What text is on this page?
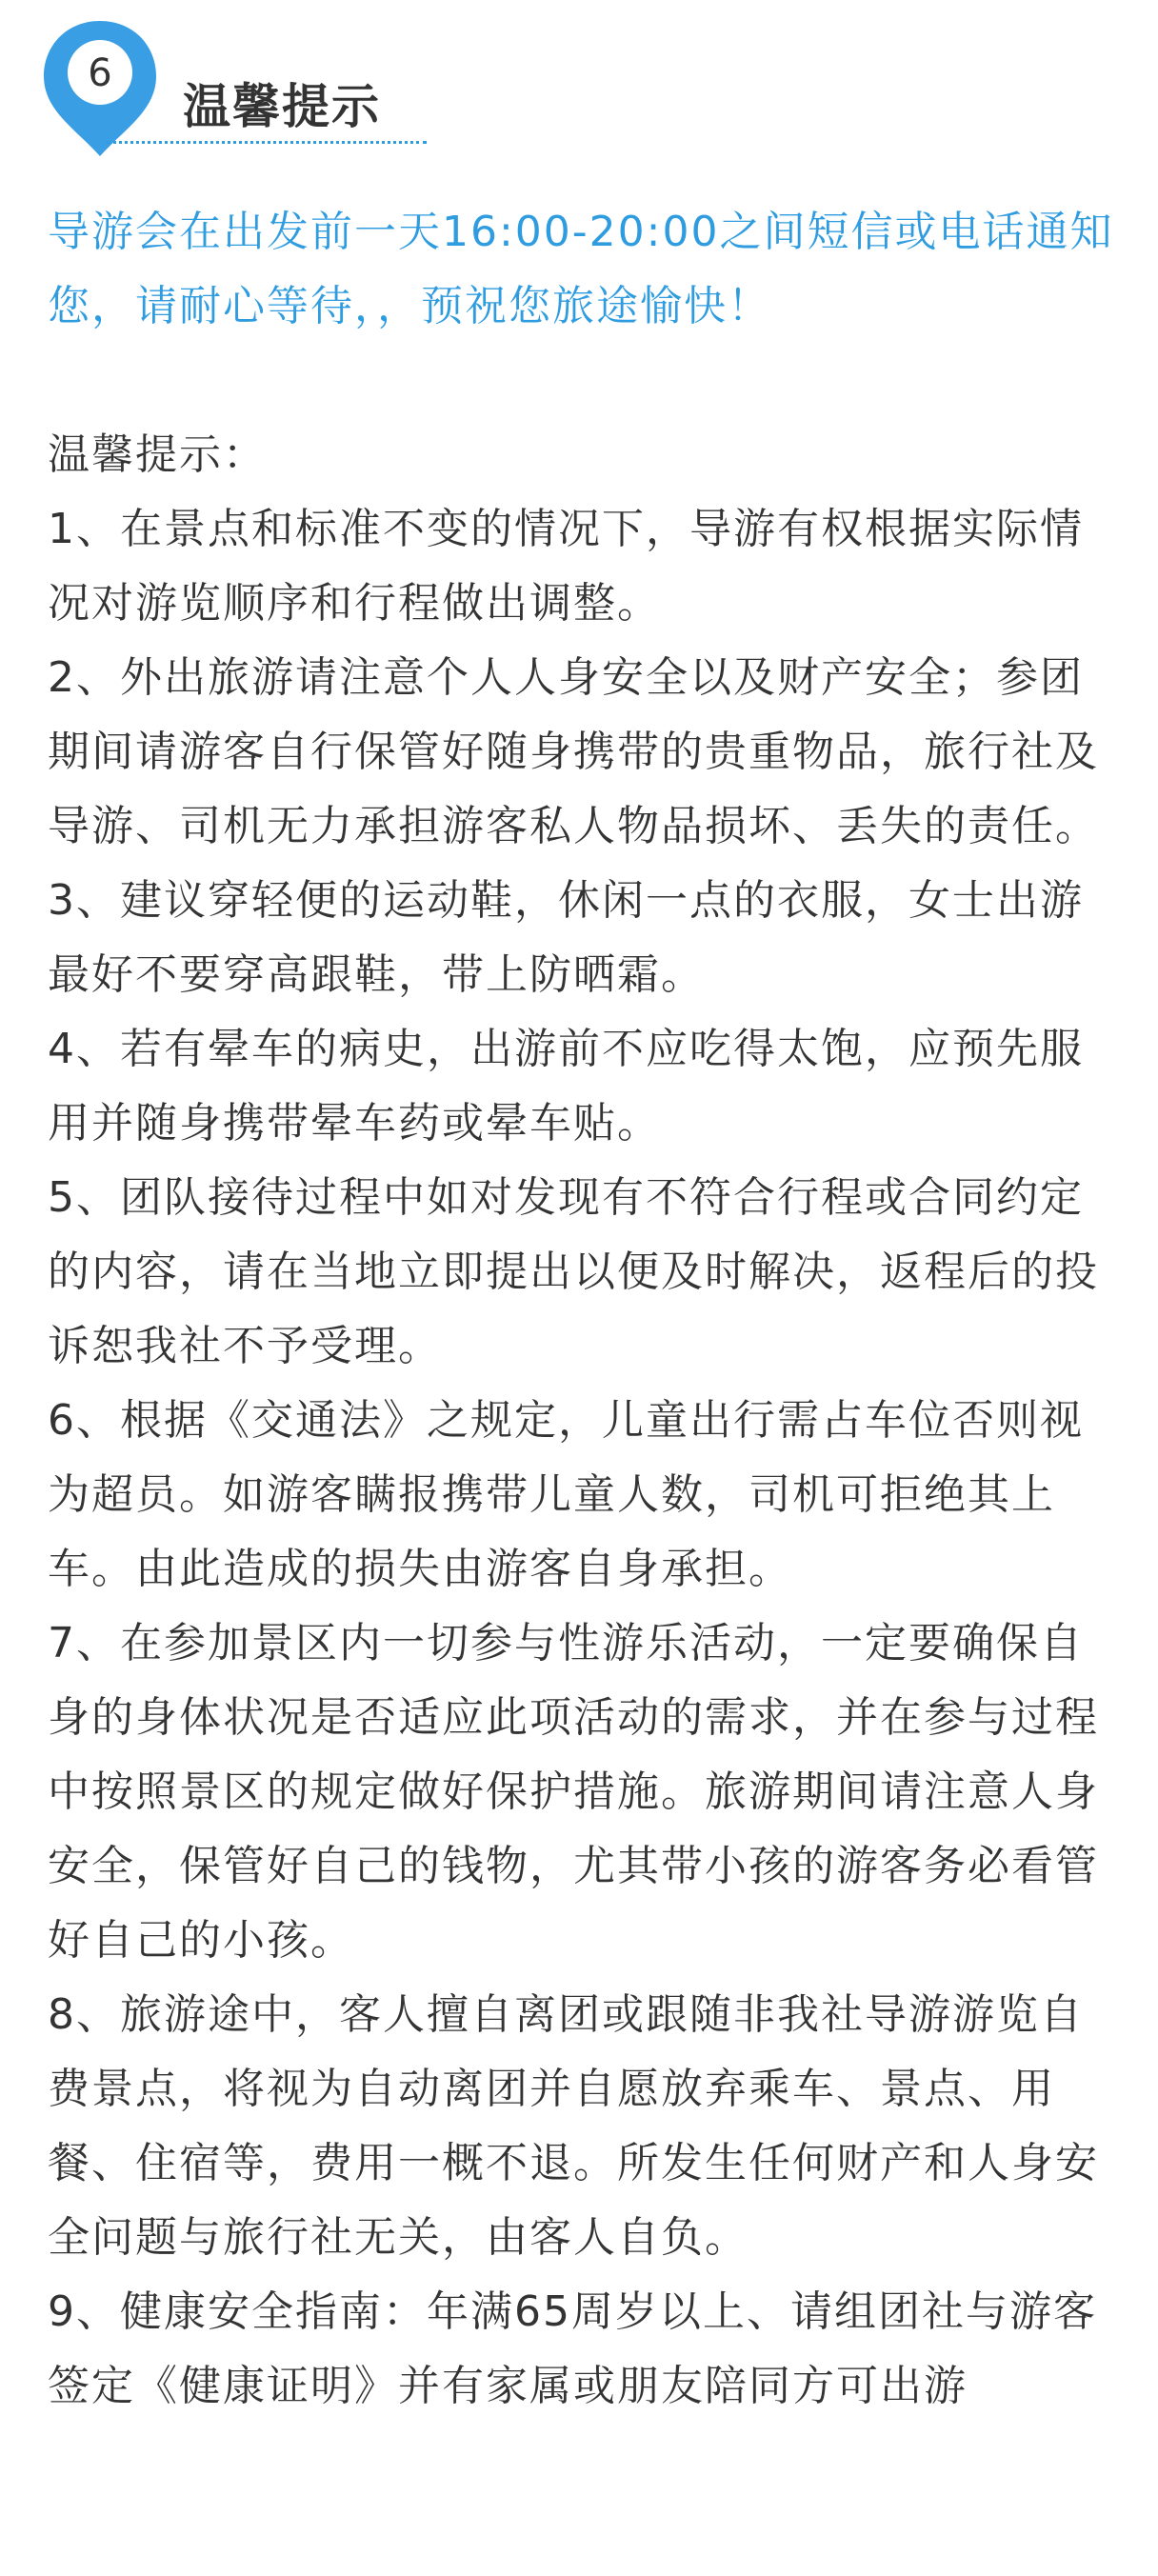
6
温馨提示

导游会在出发前一天16:00-20:00之间短信或电话通知您，请耐心等待，，预祝您旅途愉快！

温馨提示：

1、在景点和标准不变的情况下，导游有权根据实际情况对游览顺序和行程做出调整。

2、外出旅游请注意个人人身安全以及财产安全；参团期间请游客自行保管好随身携带的贵重物品，旅行社及导游、司机无力承担游客私人物品损坏、丢失的责任。

3、建议穿轻便的运动鞋，休闲一点的衣服，女士出游最好不要穿高跟鞋，带上防晒霜。

4、若有晕车的病史，出游前不应吃得太饱，应预先服用并随身携带晕车药或晕车贴。

5、团队接待过程中如对发现有不符合行程或合同约定的内容，请在当地立即提出以便及时解决，返程后的投诉恕我社不予受理。

6、根据《交通法》之规定，儿童出行需占车位否则视为超员。如游客瞒报携带儿童人数，司机可拒绝其上车。由此造成的损失由游客自身承担。

7、在参加景区内一切参与性游乐活动，一定要确保自身的身体状况是否适应此项活动的需求，并在参与过程中按照景区的规定做好保护措施。旅游期间请注意人身安全，保管好自己的钱物，尤其带小孩的游客务必看管好自己的小孩。

8、旅游途中，客人擅自离团或跟随非我社导游游览自费景点，将视为自动离团并自愿放弃乘车、景点、用餐、住宿等，费用一概不退。所发生任何财产和人身安全问题与旅行社无关，由客人自负。

9、健康安全指南：年满65周岁以上、请组团社与游客签定《健康证明》并有家属或朋友陪同方可出游
